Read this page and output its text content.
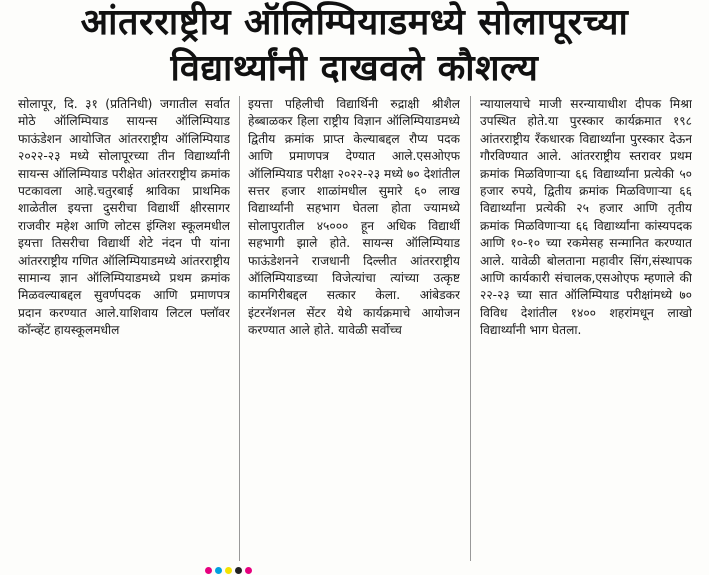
आंतरराष्ट्रीय ऑलिम्पियाडमध्ये सोलापूरच्या
विद्यार्थ्यांनी दाखवले कौशल्य
सोलापूर, दि. ३१ (प्रतिनिधी) जगातील सर्वात मोठे ऑलिम्पियाड सायन्स ऑलिम्पियाड फाऊंडेशन आयोजित आंतरराष्ट्रीय ऑलिम्पियाड २०२२-२३ मध्ये सोलापूरच्या तीन विद्यार्थ्यांनी सायन्स ऑलिम्पियाड परीक्षेत आंतरराष्ट्रीय क्रमांक पटकावला आहे.चतुरबाई श्राविका प्राथमिक शाळेतील इयत्ता दुसरीचा विद्यार्थी क्षीरसागर राजवीर महेश आणि लोटस इंग्लिश स्कूलमधील इयत्ता तिसरीचा विद्यार्थी शेटे नंदन पी यांना आंतरराष्ट्रीय गणित ऑलिम्पियाडमध्ये आंतरराष्ट्रीय सामान्य ज्ञान ऑलिम्पियाडमध्ये प्रथम क्रमांक मिळवल्याबद्दल सुवर्णपदक आणि प्रमाणपत्र प्रदान करण्यात आले.याशिवाय लिटल फ्लॉवर कॉन्व्हेंट हायस्कूलमधील
इयत्ता पहिलीची विद्यार्थिनी रुद्राक्षी श्रीशैल हेब्बाळकर हिला राष्ट्रीय विज्ञान ऑलिम्पियाडमध्ये द्वितीय क्रमांक प्राप्त केल्याबद्दल रौप्य पदक आणि प्रमाणपत्र देण्यात आले.एसओएफ ऑलिम्पियाड परीक्षा २०२२-२३ मध्ये ७० देशांतील सत्तर हजार शाळांमधील सुमारे ६० लाख विद्यार्थ्यांनी सहभाग घेतला होता ज्यामध्ये सोलापुरातील ४५००० हून अधिक विद्यार्थी सहभागी झाले होते. सायन्स ऑलिम्पियाड फाऊंडेशनने राजधानी दिल्लीत आंतरराष्ट्रीय ऑलिम्पियाडच्या विजेत्यांचा त्यांच्या उत्कृष्ट कामगिरीबद्दल सत्कार केला. आंबेडकर इंटरनॅशनल सेंटर येथे कार्यक्रमाचे आयोजन करण्यात आले होते. यावेळी सर्वोच्च
न्यायालयाचे माजी सरन्यायाधीश दीपक मिश्रा उपस्थित होते.या पुरस्कार कार्यक्रमात १९८ आंतरराष्ट्रीय रँकधारक विद्यार्थ्यांना पुरस्कार देऊन गौरविण्यात आले. आंतरराष्ट्रीय स्तरावर प्रथम क्रमांक मिळविणाऱ्या ६६ विद्यार्थ्यांना प्रत्येकी ५० हजार रुपये, द्वितीय क्रमांक मिळविणाऱ्या ६६ विद्यार्थ्यांना प्रत्येकी २५ हजार आणि तृतीय क्रमांक मिळविणाऱ्या ६६ विद्यार्थ्यांना कांस्यपदक आणि १०-१० च्या रकमेसह सन्मानित करण्यात आले. यावेळी बोलताना महावीर सिंग,संस्थापक आणि कार्यकारी संचालक,एसओएफ म्हणाले की २२-२३ च्या सात ऑलिम्पियाड परीक्षांमध्ये ७० विविध देशांतील १४०० शहरांमधून लाखो विद्यार्थ्यांनी भाग घेतला.
